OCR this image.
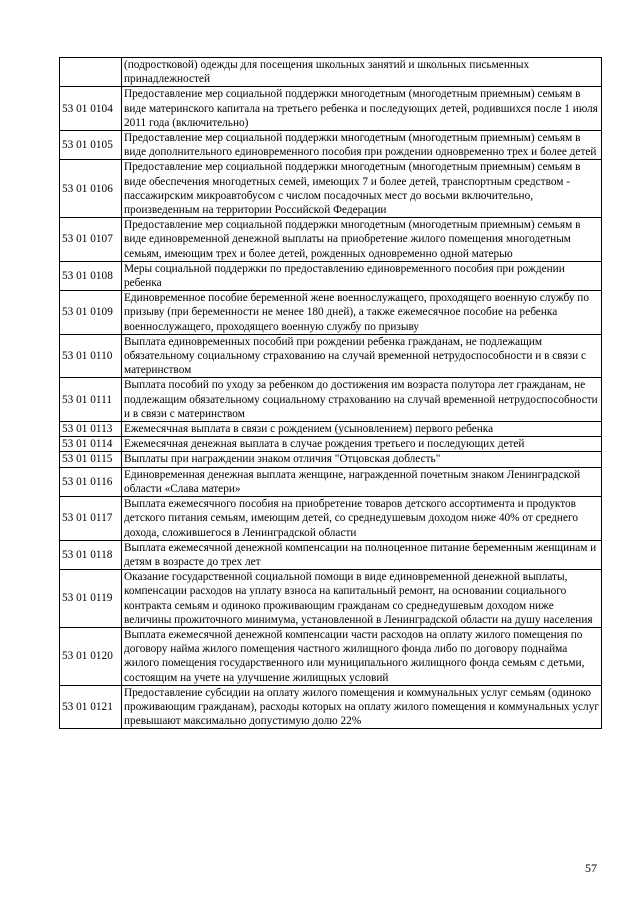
	(подростковой) одежды для посещения школьных занятий и школьных письменных принадлежностей
53 01 0104	Предоставление мер социальной поддержки многодетным (многодетным приемным) семьям в виде материнского капитала на третьего ребенка и последующих детей, родившихся после 1 июля 2011 года (включительно)
53 01 0105	Предоставление мер социальной поддержки многодетным (многодетным приемным) семьям в виде дополнительного единовременного пособия при рождении одновременно трех и более детей
53 01 0106	Предоставление мер социальной поддержки многодетным (многодетным приемным) семьям в виде обеспечения многодетных семей, имеющих 7 и более детей, транспортным средством - пассажирским микроавтобусом с числом посадочных мест до восьми включительно, произведенным на территории Российской Федерации
53 01 0107	Предоставление мер социальной поддержки многодетным (многодетным приемным) семьям в виде единовременной денежной выплаты на приобретение жилого помещения многодетным семьям, имеющим трех и более детей, рожденных одновременно одной матерью
53 01 0108	Меры социальной поддержки по предоставлению единовременного пособия при рождении ребенка
53 01 0109	Единовременное пособие беременной жене военнослужащего, проходящего военную службу по призыву (при беременности не менее 180 дней), а также ежемесячное пособие на ребенка военнослужащего, проходящего военную службу по призыву
53 01 0110	Выплата единовременных пособий при рождении ребенка гражданам, не подлежащим обязательному социальному страхованию на случай временной нетрудоспособности и в связи с материнством
53 01 0111	Выплата пособий по уходу за ребенком до достижения им возраста полутора лет гражданам, не подлежащим обязательному социальному страхованию на случай временной нетрудоспособности и в связи с материнством
53 01 0113	Ежемесячная выплата в связи с рождением (усыновлением) первого ребенка
53 01 0114	Ежемесячная денежная выплата в случае рождения третьего и последующих детей
53 01 0115	Выплаты при награждении знаком отличия "Отцовская доблесть"
53 01 0116	Единовременная денежная выплата женщине, награжденной почетным знаком Ленинградской области «Слава матери»
53 01 0117	Выплата ежемесячного пособия на приобретение товаров детского ассортимента и продуктов детского питания семьям, имеющим детей, со среднедушевым доходом ниже 40% от среднего дохода, сложившегося в Ленинградской области
53 01 0118	Выплата ежемесячной денежной компенсации на полноценное питание беременным женщинам и детям в возрасте до трех лет
53 01 0119	Оказание государственной социальной помощи в виде единовременной денежной выплаты, компенсации расходов на уплату взноса на капитальный ремонт, на основании социального контракта семьям и одиноко проживающим гражданам со среднедушевым доходом ниже величины прожиточного минимума, установленной в Ленинградской области на душу населения
53 01 0120	Выплата ежемесячной денежной компенсации части расходов на оплату жилого помещения по договору найма жилого помещения частного жилищного фонда либо по договору поднайма жилого помещения государственного или муниципального жилищного фонда семьям с детьми, состоящим на учете на улучшение жилищных условий
53 01 0121	Предоставление субсидии на оплату жилого помещения и коммунальных услуг семьям (одиноко проживающим гражданам), расходы которых на оплату жилого помещения и коммунальных услуг превышают максимально допустимую долю 22%
57
